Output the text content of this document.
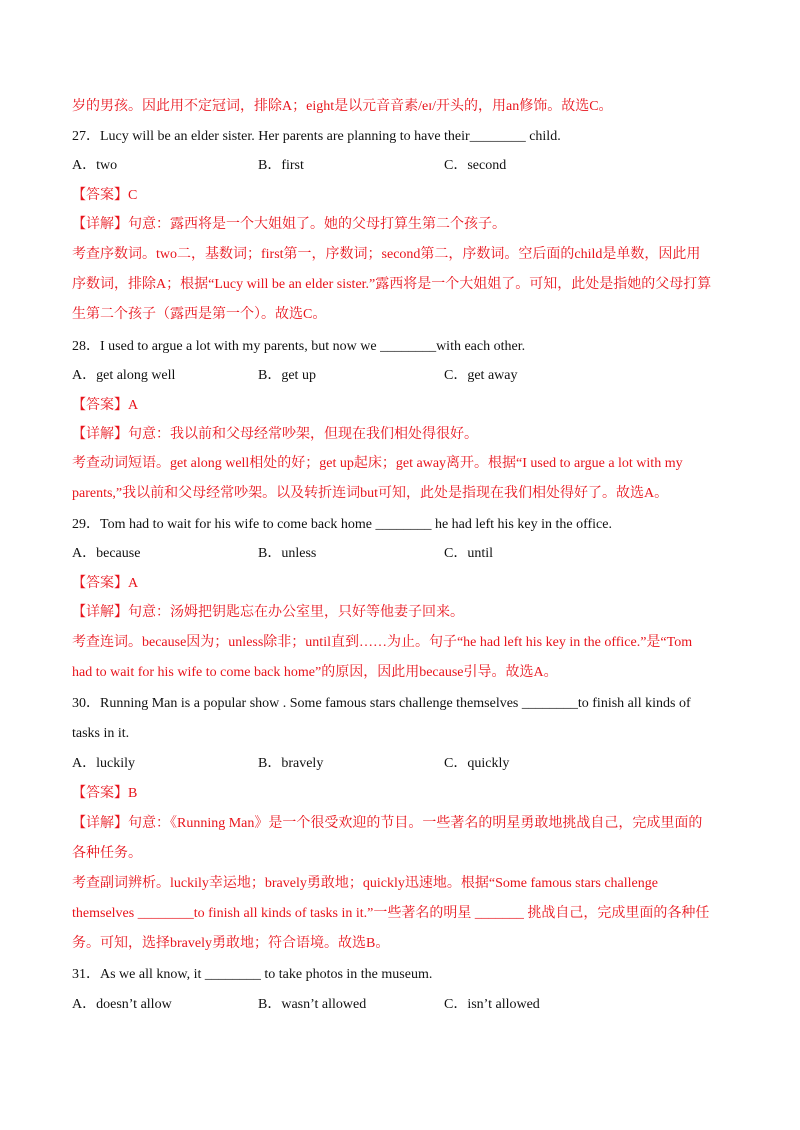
岁的男孩。因此用不定冠词，排除A；eight是以元音音素/eɪ/开头的，用an修饰。故选C。
27．Lucy will be an elder sister. Her parents are planning to have their________ child.
A．two	B．first	C．second
【答案】C
【详解】句意：露西将是一个大姐姐了。她的父母打算生第二个孩子。
考查序数词。two二，基数词；first第一，序数词；second第二，序数词。空后面的child是单数，因此用
序数词，排除A；根据“Lucy will be an elder sister.”露西将是一个大姐姐了。可知，此处是指她的父母打算
生第二个孩子（露西是第一个）。故选C。
28．I used to argue a lot with my parents, but now we ________with each other.
A．get along well	B．get up	C．get away
【答案】A
【详解】句意：我以前和父母经常吵架，但现在我们相处得很好。
考查动词短语。get along well相处的好；get up起床；get away离开。根据“I used to argue a lot with my
parents,”我以前和父母经常吵架。以及转折连词but可知，此处是指现在我们相处得好了。故选A。
29．Tom had to wait for his wife to come back home ________ he had left his key in the office.
A．because	B．unless	C．until
【答案】A
【详解】句意：汤姆把钥匙忘在办公室里，只好等他妻子回来。
考查连词。because因为；unless除非；until直到……为止。句子“he had left his key in the office.”是“Tom
had to wait for his wife to come back home”的原因，因此用because引导。故选A。
30．Running Man is a popular show . Some famous stars challenge themselves ________to finish all kinds of
tasks in it.
A．luckily	B．bravely	C．quickly
【答案】B
【详解】句意：《Running Man》是一个很受欢迎的节目。一些著名的明星勇敢地挑战自己，完成里面的
各种任务。
考查副词辨析。luckily幸运地；bravely勇敢地；quickly迅速地。根据“Some famous stars challenge
themselves ________to finish all kinds of tasks in it.”一些著名的明星 _______ 挑战自己，完成里面的各种任
务。可知，选择bravely勇敢地；符合语境。故选B。
31．As we all know, it ________ to take photos in the museum.
A．doesn’t allow	B．wasn’t allowed	C．isn’t allowed
